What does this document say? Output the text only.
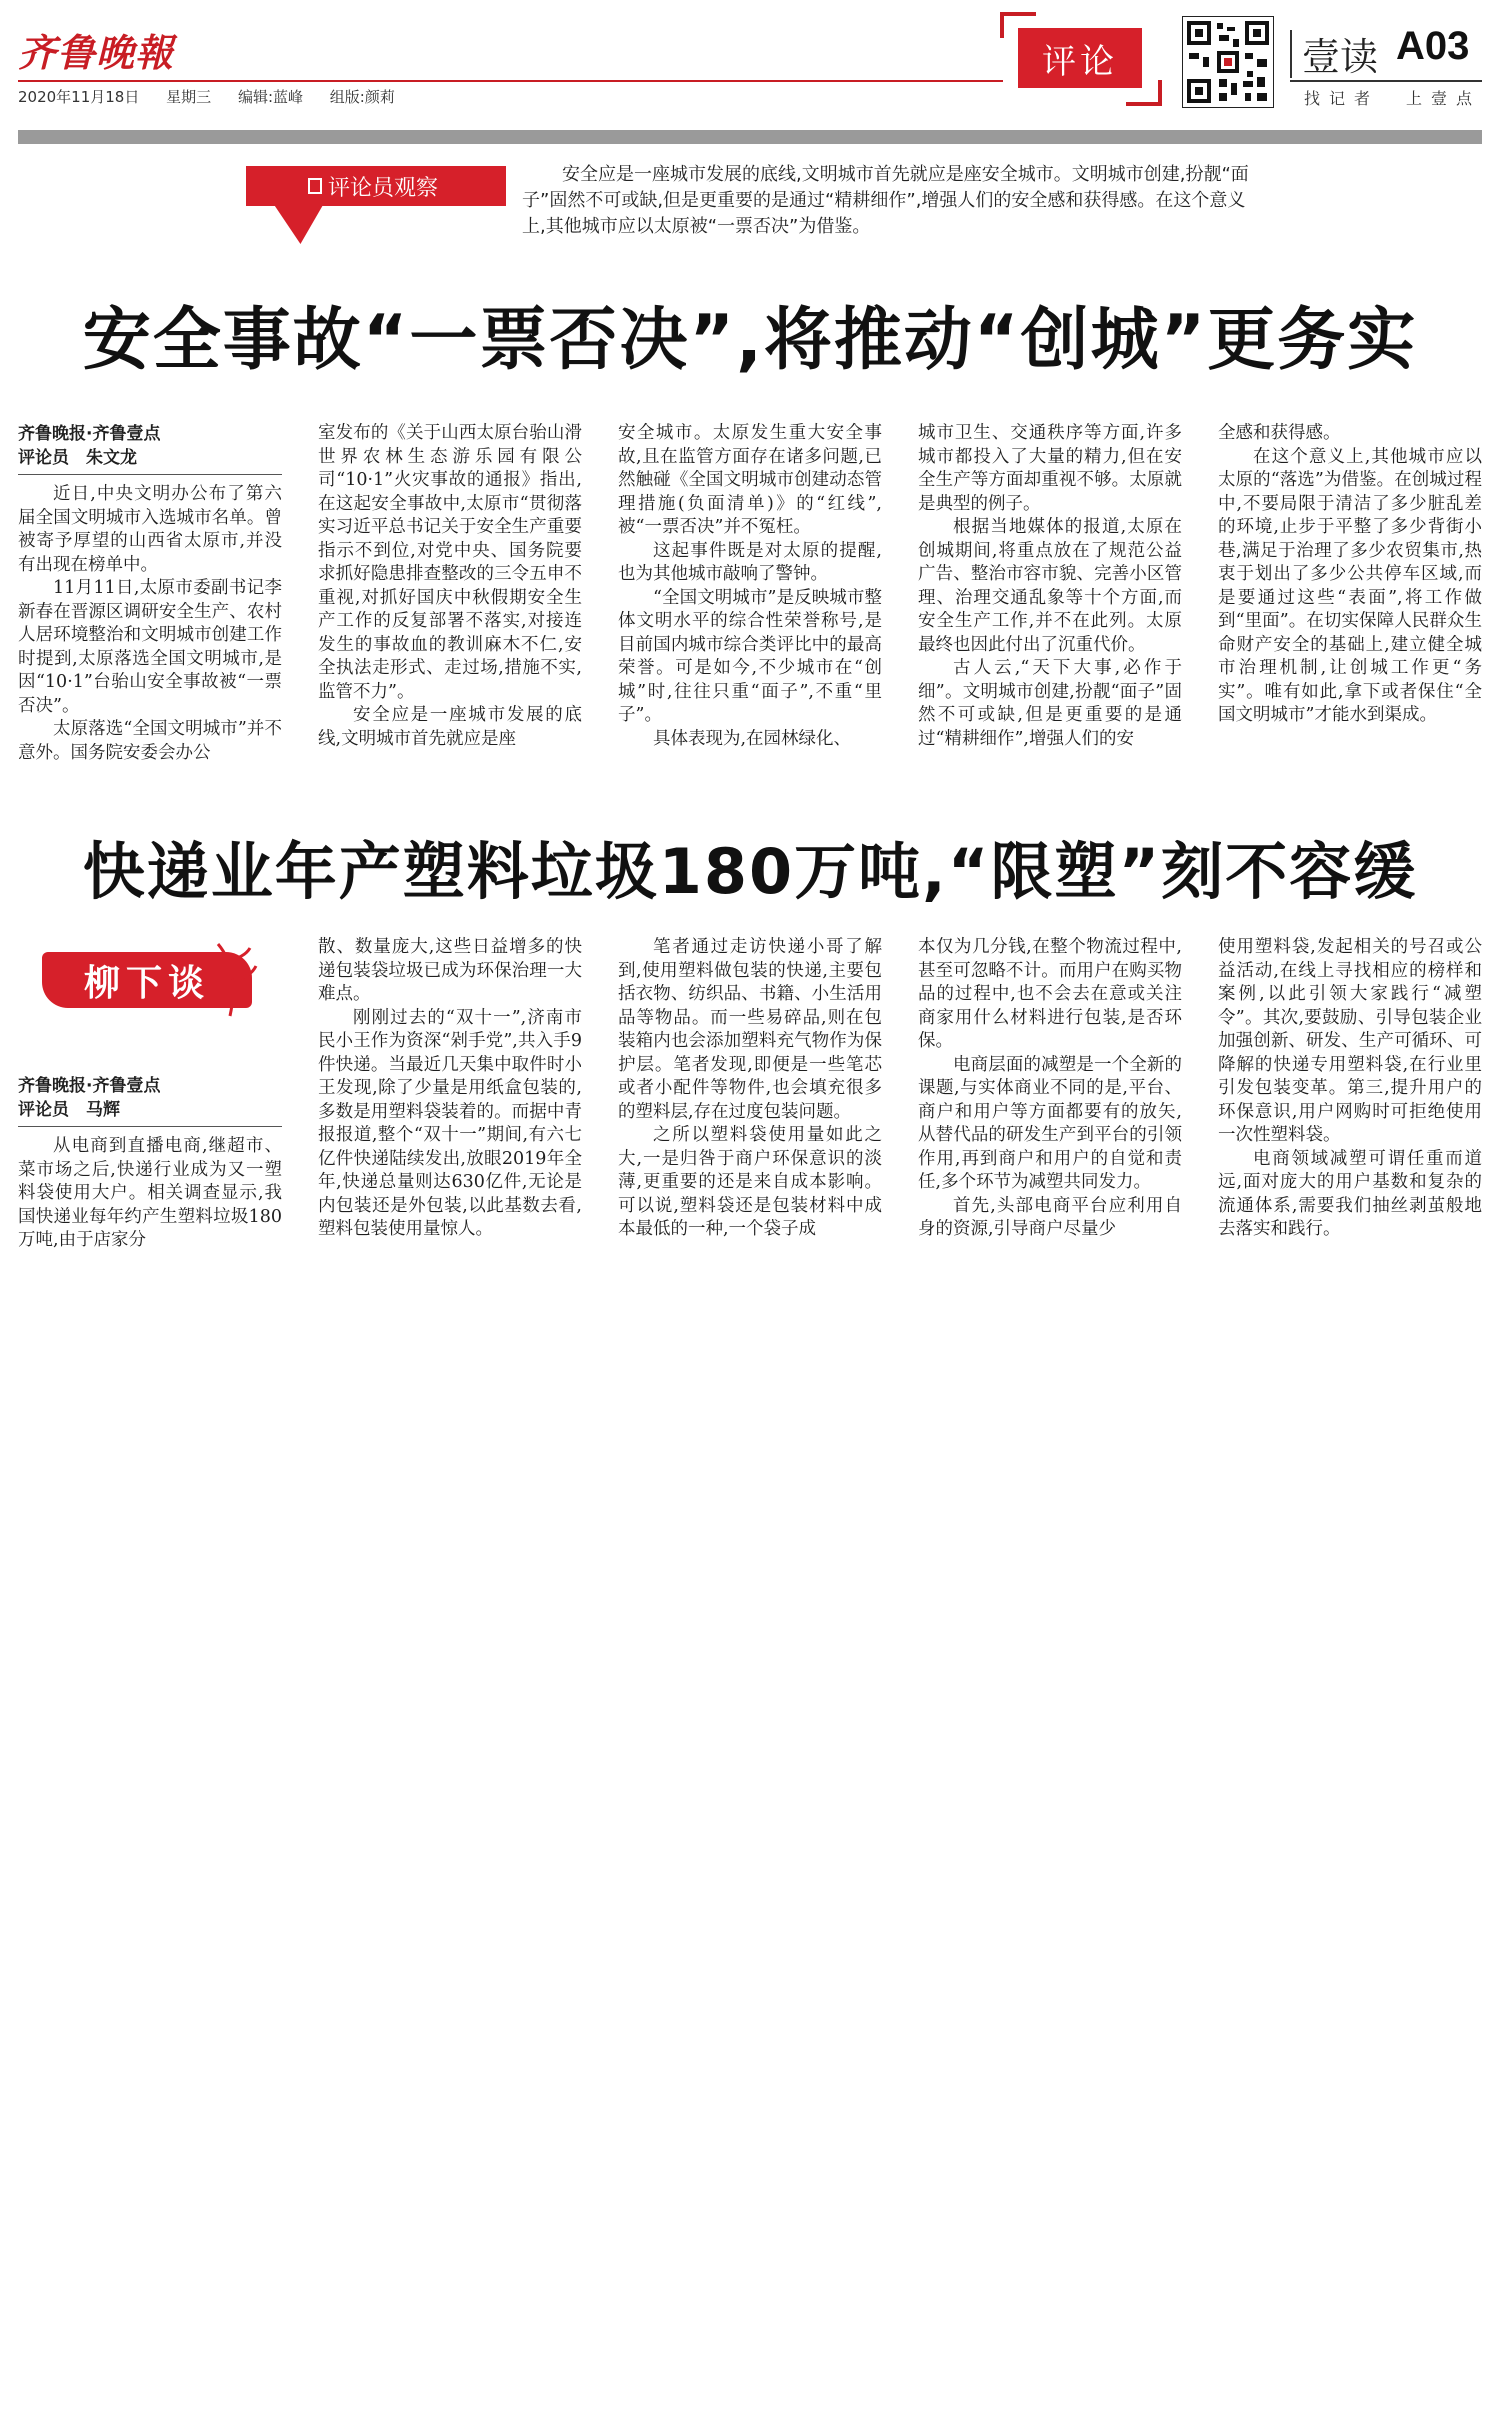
齐鲁晚報
2020年11月18日 星期三 编辑:蓝峰 组版:颜莉
评论	壹读 A03
找记者 上壹点
评论员观察
安全应是一座城市发展的底线,文明城市首先就应是座安全城市。文明城市创建,扮靓“面子”固然不可或缺,但是更重要的是通过“精耕细作”,增强人们的安全感和获得感。在这个意义上,其他城市应以太原被“一票否决”为借鉴。
安全事故“一票否决”,将推动“创城”更务实
齐鲁晚报·齐鲁壹点
评论员　朱文龙

近日,中央文明办公布了第六届全国文明城市入选城市名单。曾被寄予厚望的山西省太原市,并没有出现在榜单中。

11月11日,太原市委副书记李新春在晋源区调研安全生产、农村人居环境整治和文明城市创建工作时提到,太原落选全国文明城市,是因“10·1”台骀山安全事故被“一票否决”。

太原落选“全国文明城市”并不意外。国务院安委会办公

室发布的《关于山西太原台骀山滑世界农林生态游乐园有限公司“10·1”火灾事故的通报》指出,在这起安全事故中,太原市“贯彻落实习近平总书记关于安全生产重要指示不到位,对党中央、国务院要求抓好隐患排查整改的三令五申不重视,对抓好国庆中秋假期安全生产工作的反复部署不落实,对接连发生的事故血的教训麻木不仁,安全执法走形式、走过场,措施不实,监管不力”。

安全应是一座城市发展的底线,文明城市首先就应是座

安全城市。太原发生重大安全事故,且在监管方面存在诸多问题,已然触碰《全国文明城市创建动态管理措施(负面清单)》的“红线”,被“一票否决”并不冤枉。

这起事件既是对太原的提醒,也为其他城市敲响了警钟。

“全国文明城市”是反映城市整体文明水平的综合性荣誉称号,是目前国内城市综合类评比中的最高荣誉。可是如今,不少城市在“创城”时,往往只重“面子”,不重“里子”。

具体表现为,在园林绿化、

城市卫生、交通秩序等方面,许多城市都投入了大量的精力,但在安全生产等方面却重视不够。太原就是典型的例子。

根据当地媒体的报道,太原在创城期间,将重点放在了规范公益广告、整治市容市貌、完善小区管理、治理交通乱象等十个方面,而安全生产工作,并不在此列。太原最终也因此付出了沉重代价。

古人云,“天下大事,必作于细”。文明城市创建,扮靓“面子”固然不可或缺,但是更重要的是通过“精耕细作”,增强人们的安

全感和获得感。

在这个意义上,其他城市应以太原的“落选”为借鉴。在创城过程中,不要局限于清洁了多少脏乱差的环境,止步于平整了多少背街小巷,满足于治理了多少农贸集市,热衷于划出了多少公共停车区域,而是要通过这些“表面”,将工作做到“里面”。在切实保障人民群众生命财产安全的基础上,建立健全城市治理机制,让创城工作更“务实”。唯有如此,拿下或者保住“全国文明城市”才能水到渠成。

快递业年产塑料垃圾180万吨,“限塑”刻不容缓
柳下谈
齐鲁晚报·齐鲁壹点
评论员　马辉

从电商到直播电商,继超市、菜市场之后,快递行业成为又一塑料袋使用大户。相关调查显示,我国快递业每年约产生塑料垃圾180万吨,由于店家分

散、数量庞大,这些日益增多的快递包装袋垃圾已成为环保治理一大难点。

刚刚过去的“双十一”,济南市民小王作为资深“剁手党”,共入手9件快递。当最近几天集中取件时小王发现,除了少量是用纸盒包装的,多数是用塑料袋装着的。而据中青报报道,整个“双十一”期间,有六七亿件快递陆续发出,放眼2019年全年,快递总量则达630亿件,无论是内包装还是外包装,以此基数去看,塑料包装使用量惊人。

笔者通过走访快递小哥了解到,使用塑料做包装的快递,主要包括衣物、纺织品、书籍、小生活用品等物品。而一些易碎品,则在包装箱内也会添加塑料充气物作为保护层。笔者发现,即便是一些笔芯或者小配件等物件,也会填充很多的塑料层,存在过度包装问题。

之所以塑料袋使用量如此之大,一是归咎于商户环保意识的淡薄,更重要的还是来自成本影响。可以说,塑料袋还是包装材料中成本最低的一种,一个袋子成

本仅为几分钱,在整个物流过程中,甚至可忽略不计。而用户在购买物品的过程中,也不会去在意或关注商家用什么材料进行包装,是否环保。

电商层面的减塑是一个全新的课题,与实体商业不同的是,平台、商户和用户等方面都要有的放矢,从替代品的研发生产到平台的引领作用,再到商户和用户的自觉和责任,多个环节为减塑共同发力。

首先,头部电商平台应利用自身的资源,引导商户尽量少

使用塑料袋,发起相关的号召或公益活动,在线上寻找相应的榜样和案例,以此引领大家践行“减塑令”。其次,要鼓励、引导包装企业加强创新、研发、生产可循环、可降解的快递专用塑料袋,在行业里引发包装变革。第三,提升用户的环保意识,用户网购时可拒绝使用一次性塑料袋。

电商领域减塑可谓任重而道远,面对庞大的用户基数和复杂的流通体系,需要我们抽丝剥茧般地去落实和践行。
